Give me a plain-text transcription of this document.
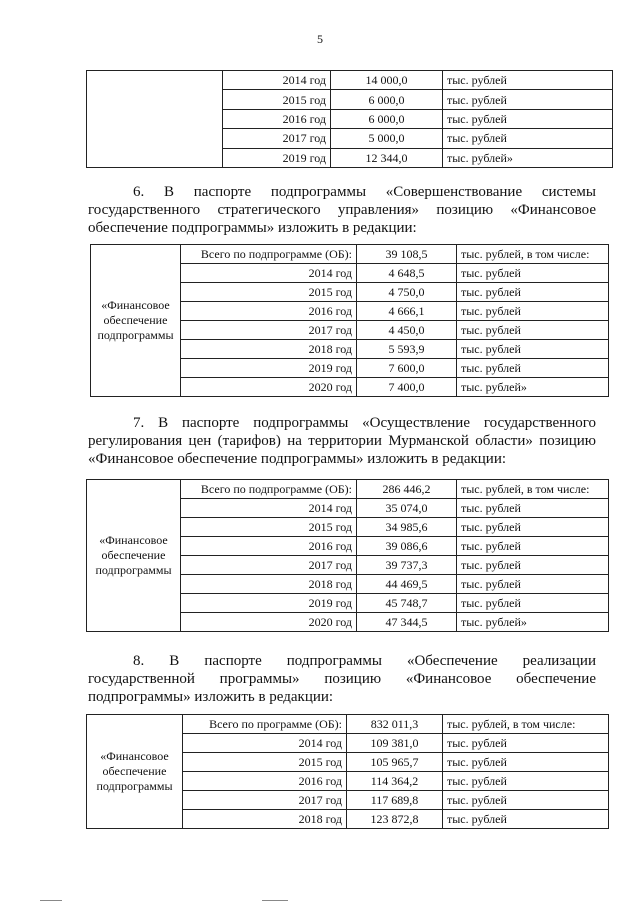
5
	2014 год	14 000,0	тыс. рублей
	2015 год	6 000,0	тыс. рублей
	2016 год	6 000,0	тыс. рублей
	2017 год	5 000,0	тыс. рублей
	2019 год	12 344,0	тыс. рублей»
6. В паспорте подпрограммы «Совершенствование системы
государственного стратегического управления» позицию «Финансовое
обеспечение подпрограммы» изложить в редакции:
«Финансовое обеспечение подпрограммы	Всего по подпрограмме (ОБ):	39 108,5	тыс. рублей, в том числе:
	2014 год	4 648,5	тыс. рублей
	2015 год	4 750,0	тыс. рублей
	2016 год	4 666,1	тыс. рублей
	2017 год	4 450,0	тыс. рублей
	2018 год	5 593,9	тыс. рублей
	2019 год	7 600,0	тыс. рублей
	2020 год	7 400,0	тыс. рублей»
7. В паспорте подпрограммы «Осуществление государственного
регулирования цен (тарифов) на территории Мурманской области» позицию
«Финансовое обеспечение подпрограммы» изложить в редакции:
«Финансовое обеспечение подпрограммы	Всего по подпрограмме (ОБ):	286 446,2	тыс. рублей, в том числе:
	2014 год	35 074,0	тыс. рублей
	2015 год	34 985,6	тыс. рублей
	2016 год	39 086,6	тыс. рублей
	2017 год	39 737,3	тыс. рублей
	2018 год	44 469,5	тыс. рублей
	2019 год	45 748,7	тыс. рублей
	2020 год	47 344,5	тыс. рублей»
8. В паспорте подпрограммы «Обеспечение реализации
государственной программы» позицию «Финансовое обеспечение
подпрограммы» изложить в редакции:
«Финансовое обеспечение подпрограммы	Всего по программе (ОБ):	832 011,3	тыс. рублей, в том числе:
	2014 год	109 381,0	тыс. рублей
	2015 год	105 965,7	тыс. рублей
	2016 год	114 364,2	тыс. рублей
	2017 год	117 689,8	тыс. рублей
	2018 год	123 872,8	тыс. рублей
